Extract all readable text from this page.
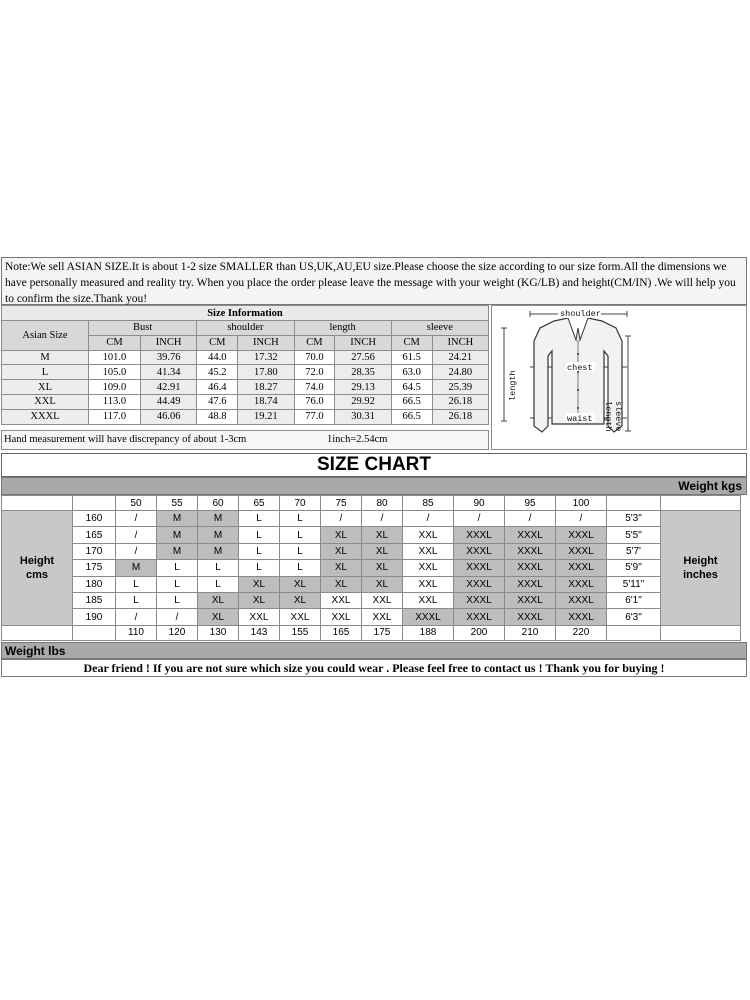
Note:We sell ASIAN SIZE.It is about 1-2 size SMALLER than US,UK,AU,EU size.Please choose the size according to our size form.All the dimensions we have personally measured and reality try. When you place the order please leave the message with your weight (KG/LB) and height(CM/IN) .We will help you to confirm the size.Thank you!
Size Information								
Asian Size	Bust		shoulder		length		sleeve	
	CM	INCH	CM	INCH	CM	INCH	CM	INCH
M	101.0	39.76	44.0	17.32	70.0	27.56	61.5	24.21
L	105.0	41.34	45.2	17.80	72.0	28.35	63.0	24.80
XL	109.0	42.91	46.4	18.27	74.0	29.13	64.5	25.39
XXL	113.0	44.49	47.6	18.74	76.0	29.92	66.5	26.18
XXXL	117.0	46.06	48.8	19.21	77.0	30.31	66.5	26.18
Hand measurement will have discrepancy of about 1-3cm	1inch=2.54cm
shoulder
chest
waist
length
sleeve
length
SIZE CHART
Weight kgs
		50	55	60	65	70	75	80	85	90	95	100		
Height
cms	160	/	M	M	L	L	/	/	/	/	/	/	5'3"	Height
inches
	165	/	M	M	L	L	XL	XL	XXL	XXXL	XXXL	XXXL	5'5"	
	170	/	M	M	L	L	XL	XL	XXL	XXXL	XXXL	XXXL	5'7'	
	175	M	L	L	L	L	XL	XL	XXL	XXXL	XXXL	XXXL	5'9"	
	180	L	L	L	XL	XL	XL	XL	XXL	XXXL	XXXL	XXXL	5'11"	
	185	L	L	XL	XL	XL	XXL	XXL	XXL	XXXL	XXXL	XXXL	6'1"	
	190	/	/	XL	XXL	XXL	XXL	XXL	XXXL	XXXL	XXXL	XXXL	6'3"	
		110	120	130	143	155	165	175	188	200	210	220		
Weight lbs
Dear friend ! If you are not sure which size you could wear . Please feel free to contact us ! Thank you for buying !
